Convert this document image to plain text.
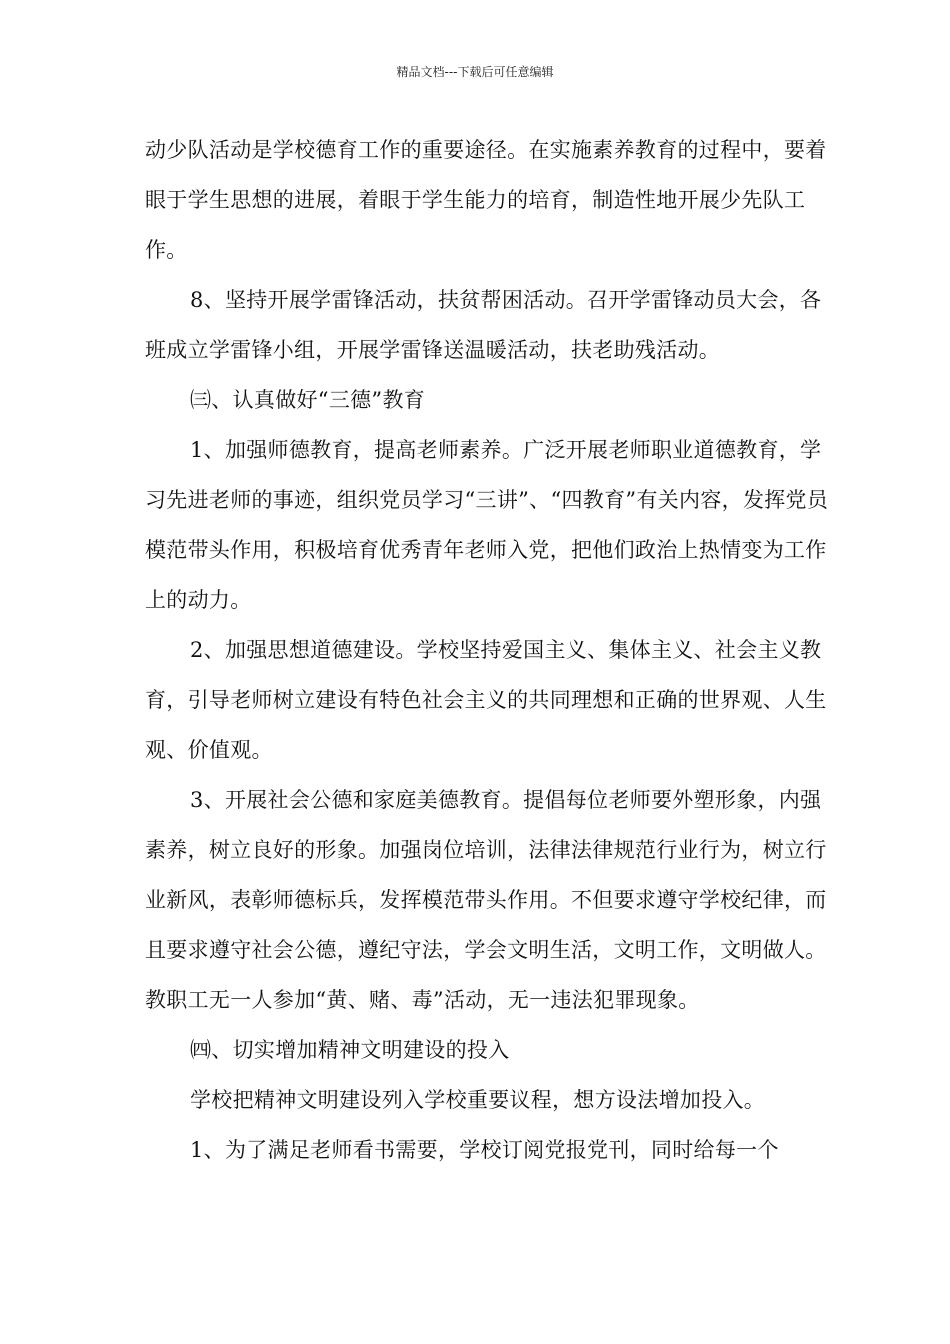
精品文档---下载后可任意编辑

动少队活动是学校德育工作的重要途径。在实施素养教育的过程中，要着眼于学生思想的进展，着眼于学生能力的培育，制造性地开展少先队工作。

8、坚持开展学雷锋活动，扶贫帮困活动。召开学雷锋动员大会，各班成立学雷锋小组，开展学雷锋送温暖活动，扶老助残活动。

㈢、认真做好“三德”教育

1、加强师德教育，提高老师素养。广泛开展老师职业道德教育，学习先进老师的事迹，组织党员学习“三讲”、“四教育”有关内容，发挥党员模范带头作用，积极培育优秀青年老师入党，把他们政治上热情变为工作上的动力。

2、加强思想道德建设。学校坚持爱国主义、集体主义、社会主义教育，引导老师树立建设有特色社会主义的共同理想和正确的世界观、人生观、价值观。

3、开展社会公德和家庭美德教育。提倡每位老师要外塑形象，内强素养，树立良好的形象。加强岗位培训，法律法律规范行业行为，树立行业新风，表彰师德标兵，发挥模范带头作用。不但要求遵守学校纪律，而且要求遵守社会公德，遵纪守法，学会文明生活，文明工作，文明做人。教职工无一人参加“黄、赌、毒”活动，无一违法犯罪现象。

㈣、切实增加精神文明建设的投入

学校把精神文明建设列入学校重要议程，想方设法增加投入。

1、为了满足老师看书需要，学校订阅党报党刊，同时给每一个
